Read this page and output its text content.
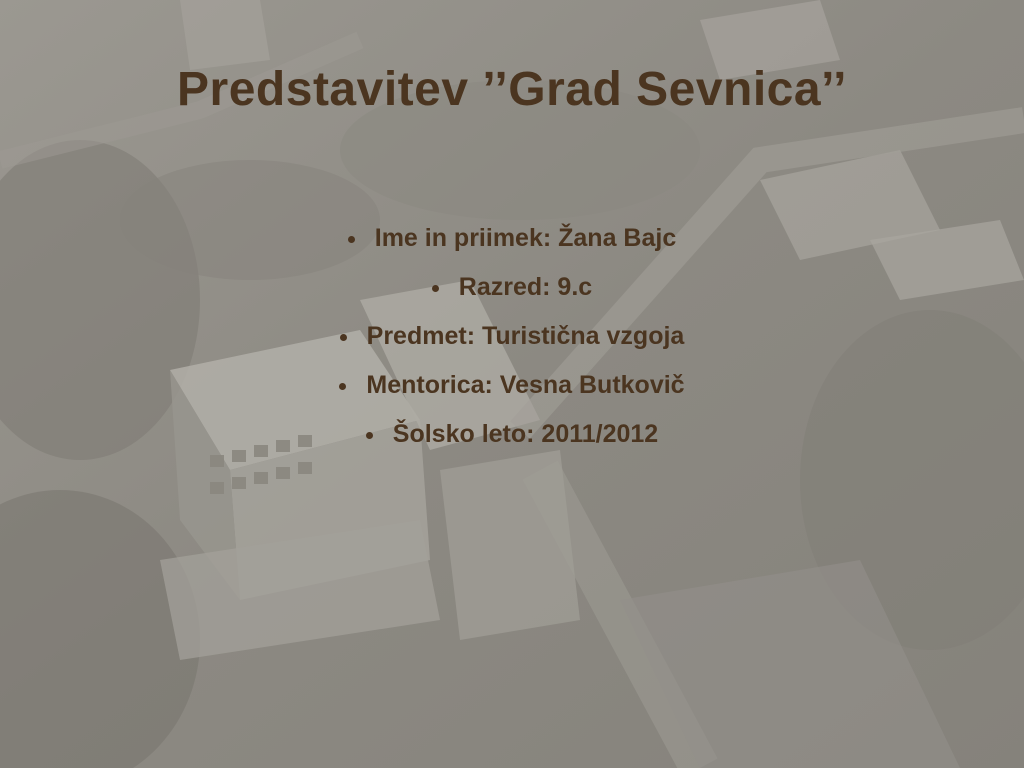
Predstavitev ’’Grad Sevnica’’
Ime in priimek: Žana Bajc
Razred: 9.c
Predmet: Turistična vzgoja
Mentorica: Vesna Butkovič
Šolsko leto: 2011/2012
